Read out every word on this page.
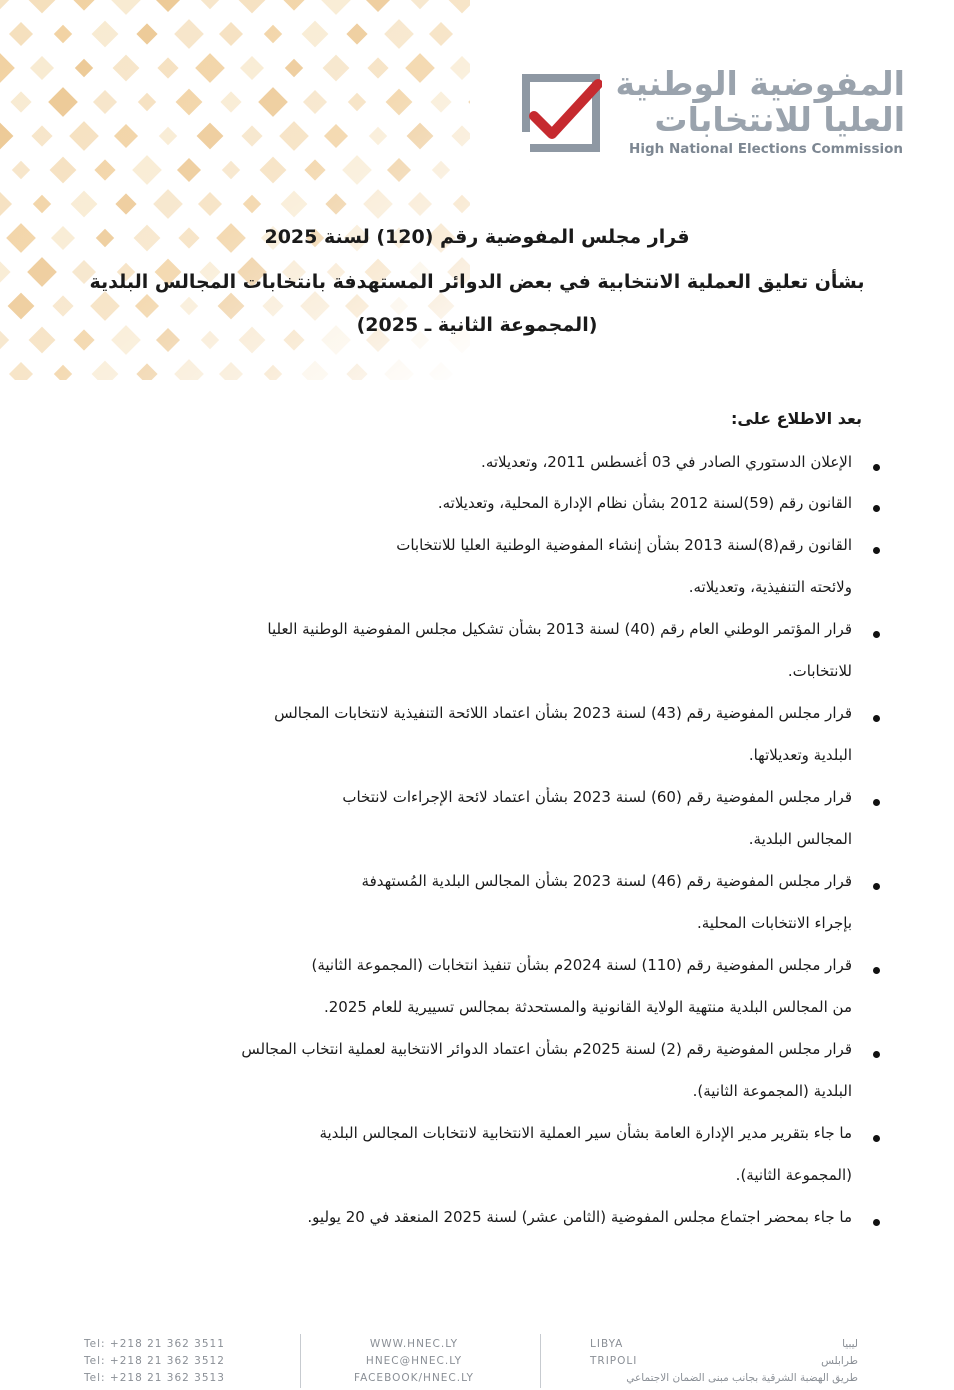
المفوضية الوطنية
العليا للانتخابات
High National Elections Commission
قرار مجلس المفوضية رقم (120) لسنة 2025
بشأن تعليق العملية الانتخابية في بعض الدوائر المستهدفة بانتخابات المجالس البلدية
(المجموعة الثانية ـ 2025)
بعد الاطلاع على:
الإعلان الدستوري الصادر في 03 أغسطس 2011، وتعديلاته.
القانون رقم (59)لسنة 2012 بشأن نظام الإدارة المحلية، وتعديلاته.
القانون رقم(8)لسنة 2013 بشأن إنشاء المفوضية الوطنية العليا للانتخابات
ولائحته التنفيذية، وتعديلاته.
قرار المؤتمر الوطني العام رقم (40) لسنة 2013 بشأن تشكيل مجلس المفوضية الوطنية العليا
للانتخابات.
قرار مجلس المفوضية رقم (43) لسنة 2023 بشأن اعتماد اللائحة التنفيذية لانتخابات المجالس
البلدية وتعديلاتها.
قرار مجلس المفوضية رقم (60) لسنة 2023 بشأن اعتماد لائحة الإجراءات لانتخاب
المجالس البلدية.
قرار مجلس المفوضية رقم (46) لسنة 2023 بشأن المجالس البلدية المُستهدفة
بإجراء الانتخابات المحلية.
قرار مجلس المفوضية رقم (110) لسنة 2024م بشأن تنفيذ انتخابات (المجموعة الثانية)
من المجالس البلدية منتهية الولاية القانونية والمستحدثة بمجالس تسييرية للعام 2025.
قرار مجلس المفوضية رقم (2) لسنة 2025م بشأن اعتماد الدوائر الانتخابية لعملية انتخاب المجالس
البلدية (المجموعة الثانية).
ما جاء بتقرير مدير الإدارة العامة بشأن سير العملية الانتخابية لانتخابات المجالس البلدية
(المجموعة الثانية).
ما جاء بمحضر اجتماع مجلس المفوضية (الثامن عشر) لسنة 2025 المنعقد في 20 يوليو.
Tel: +218 21 362 3511
Tel: +218 21 362 3512
Tel: +218 21 362 3513
WWW.HNEC.LY
HNEC@HNEC.LY
FACEBOOK/HNEC.LY
LIBYA
TRIPOLI
ليبيا
طرابلس
طريق الهضبة الشرقية بجانب مبنى الضمان الاجتماعي
